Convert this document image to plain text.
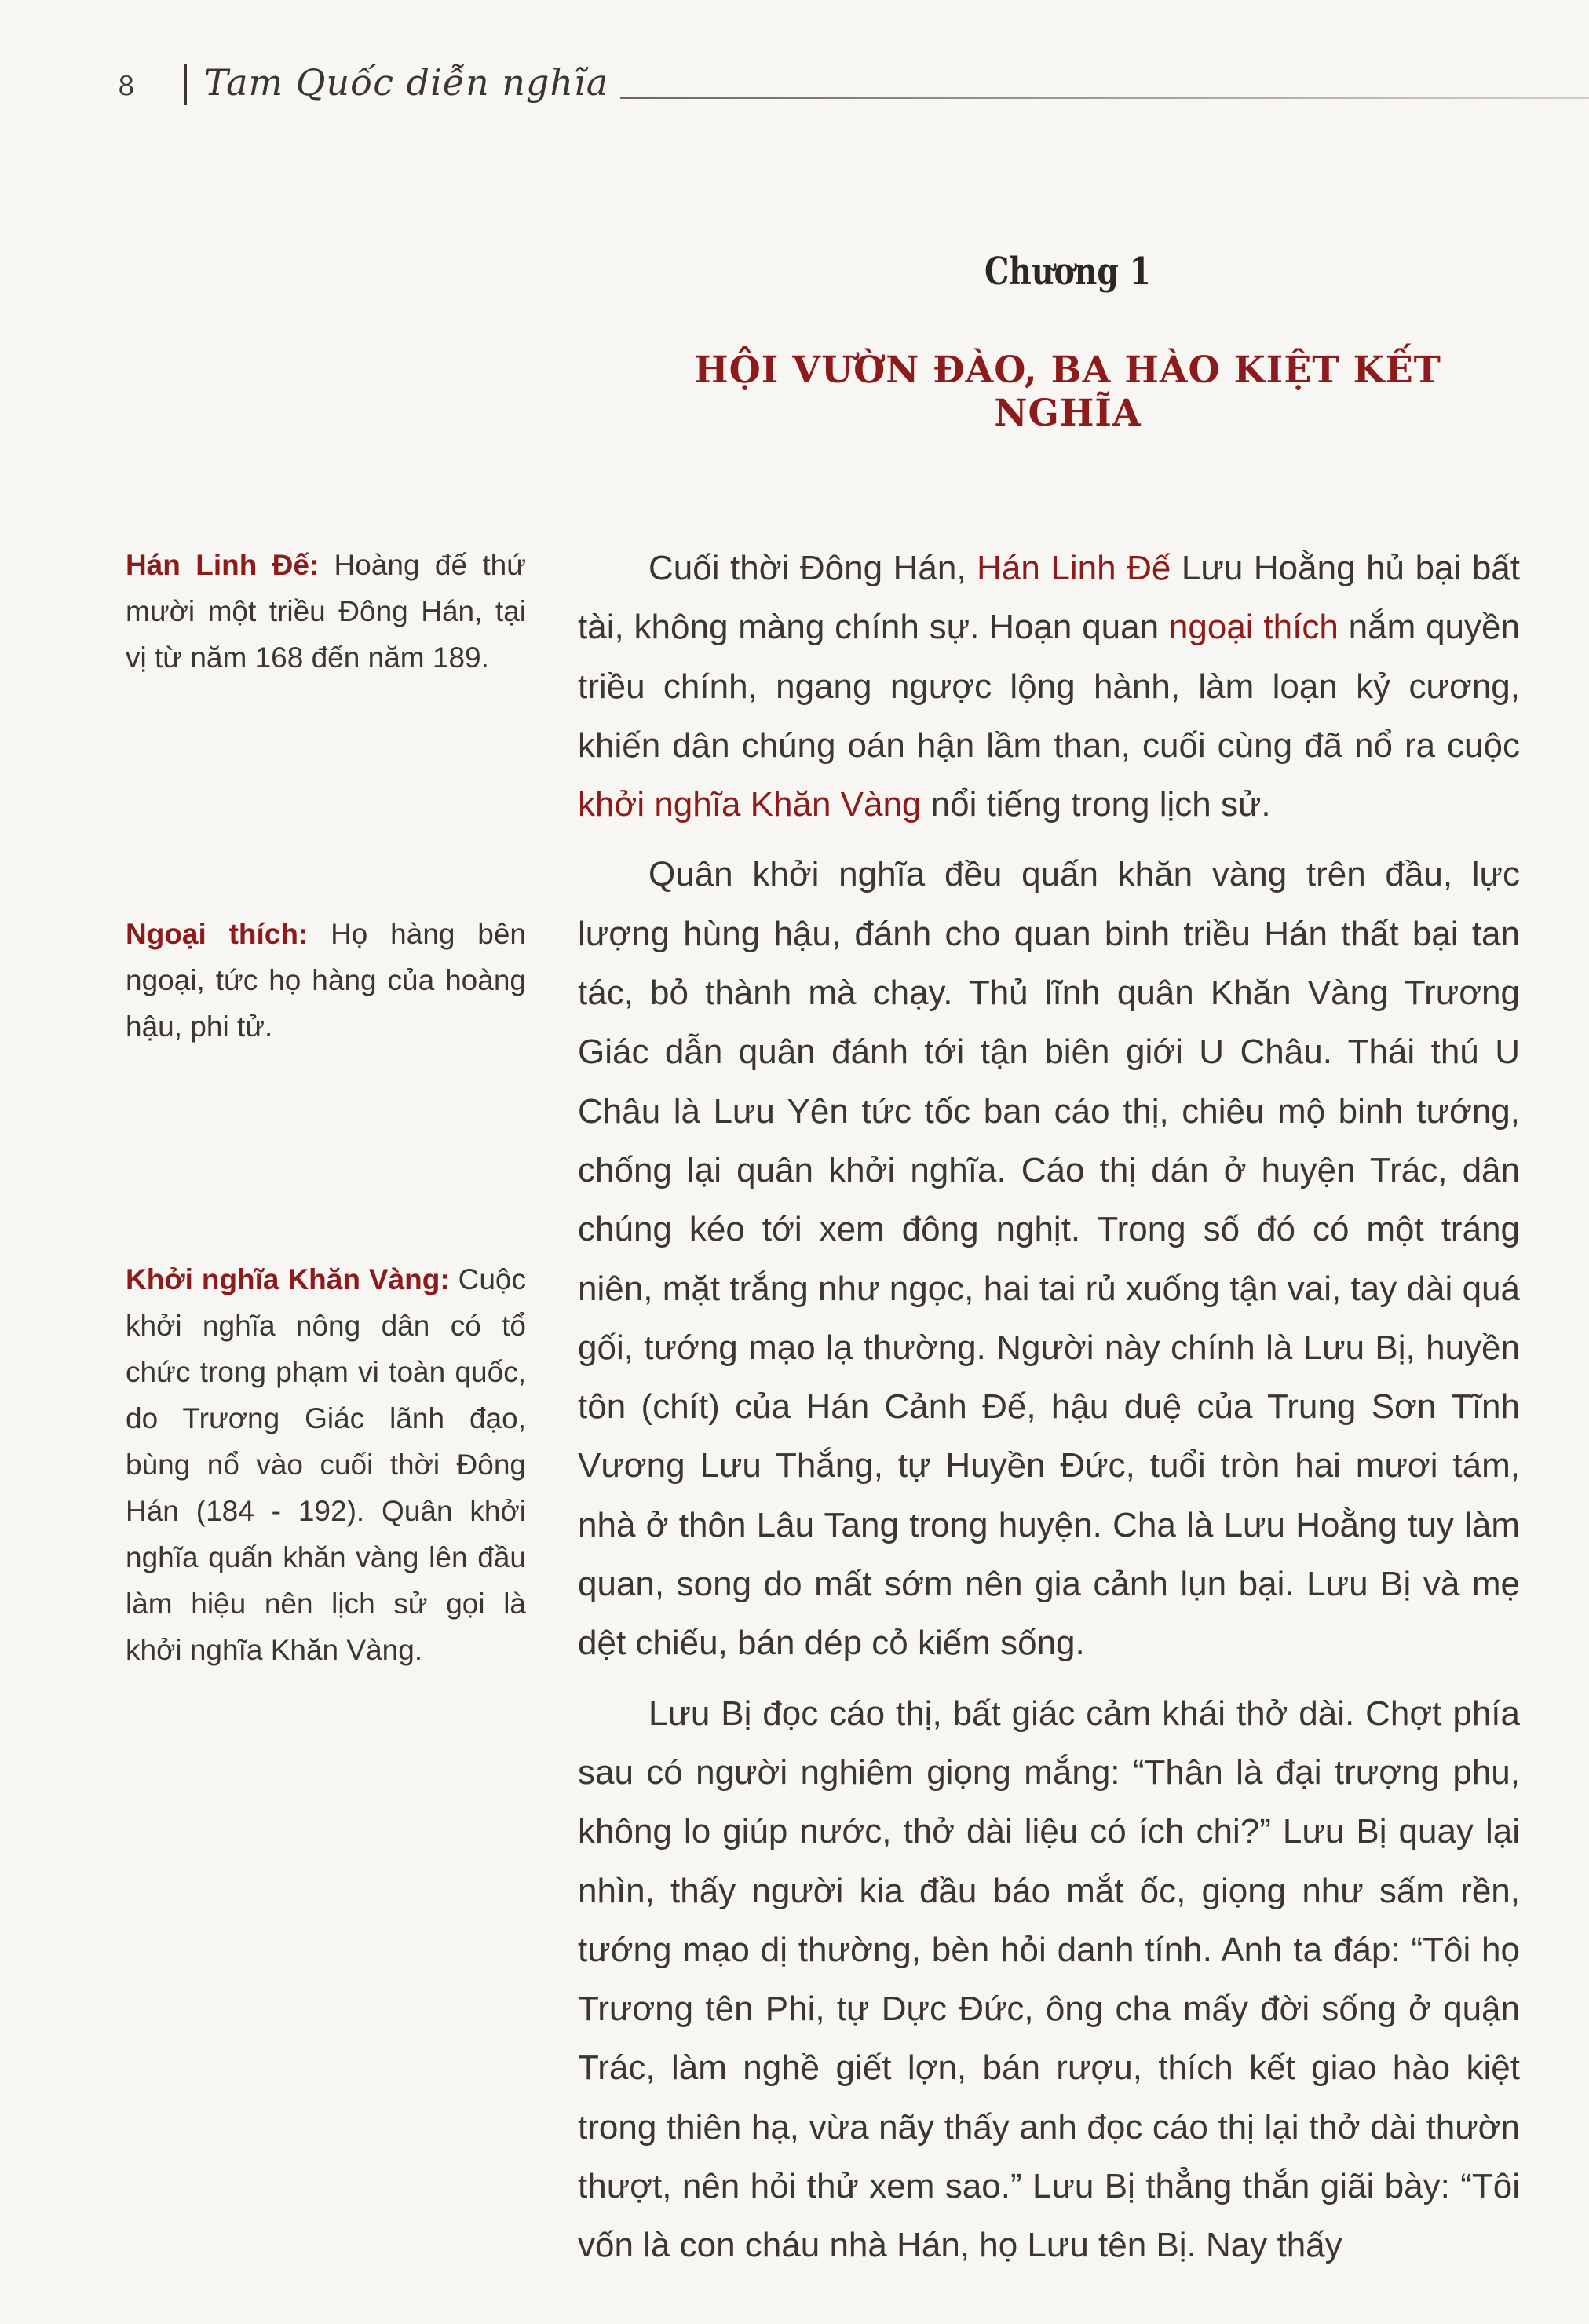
8 Tam Quốc diễn nghĩa
Chương 1
HỘI VƯỜN ĐÀO, BA HÀO KIỆT KẾT NGHĨA
Hán Linh Đế: Hoàng đế thứ mười một triều Đông Hán, tại vị từ năm 168 đến năm 189.
Ngoại thích: Họ hàng bên ngoại, tức họ hàng của hoàng hậu, phi tử.
Khởi nghĩa Khăn Vàng: Cuộc khởi nghĩa nông dân có tổ chức trong phạm vi toàn quốc, do Trương Giác lãnh đạo, bùng nổ vào cuối thời Đông Hán (184 - 192). Quân khởi nghĩa quấn khăn vàng lên đầu làm hiệu nên lịch sử gọi là khởi nghĩa Khăn Vàng.

Cuối thời Đông Hán, Hán Linh Đế Lưu Hoằng hủ bại bất tài, không màng chính sự. Hoạn quan ngoại thích nắm quyền triều chính, ngang ngược lộng hành, làm loạn kỷ cương, khiến dân chúng oán hận lầm than, cuối cùng đã nổ ra cuộc khởi nghĩa Khăn Vàng nổi tiếng trong lịch sử.

Quân khởi nghĩa đều quấn khăn vàng trên đầu, lực lượng hùng hậu, đánh cho quan binh triều Hán thất bại tan tác, bỏ thành mà chạy. Thủ lĩnh quân Khăn Vàng Trương Giác dẫn quân đánh tới tận biên giới U Châu. Thái thú U Châu là Lưu Yên tức tốc ban cáo thị, chiêu mộ binh tướng, chống lại quân khởi nghĩa. Cáo thị dán ở huyện Trác, dân chúng kéo tới xem đông nghịt. Trong số đó có một tráng niên, mặt trắng như ngọc, hai tai rủ xuống tận vai, tay dài quá gối, tướng mạo lạ thường. Người này chính là Lưu Bị, huyền tôn (chít) của Hán Cảnh Đế, hậu duệ của Trung Sơn Tĩnh Vương Lưu Thắng, tự Huyền Đức, tuổi tròn hai mươi tám, nhà ở thôn Lâu Tang trong huyện. Cha là Lưu Hoằng tuy làm quan, song do mất sớm nên gia cảnh lụn bại. Lưu Bị và mẹ dệt chiếu, bán dép cỏ kiếm sống.

Lưu Bị đọc cáo thị, bất giác cảm khái thở dài. Chợt phía sau có người nghiêm giọng mắng: “Thân là đại trượng phu, không lo giúp nước, thở dài liệu có ích chi?” Lưu Bị quay lại nhìn, thấy người kia đầu báo mắt ốc, giọng như sấm rền, tướng mạo dị thường, bèn hỏi danh tính. Anh ta đáp: “Tôi họ Trương tên Phi, tự Dực Đức, ông cha mấy đời sống ở quận Trác, làm nghề giết lợn, bán rượu, thích kết giao hào kiệt trong thiên hạ, vừa nãy thấy anh đọc cáo thị lại thở dài thườn thượt, nên hỏi thử xem sao.” Lưu Bị thẳng thắn giãi bày: “Tôi vốn là con cháu nhà Hán, họ Lưu tên Bị. Nay thấy
